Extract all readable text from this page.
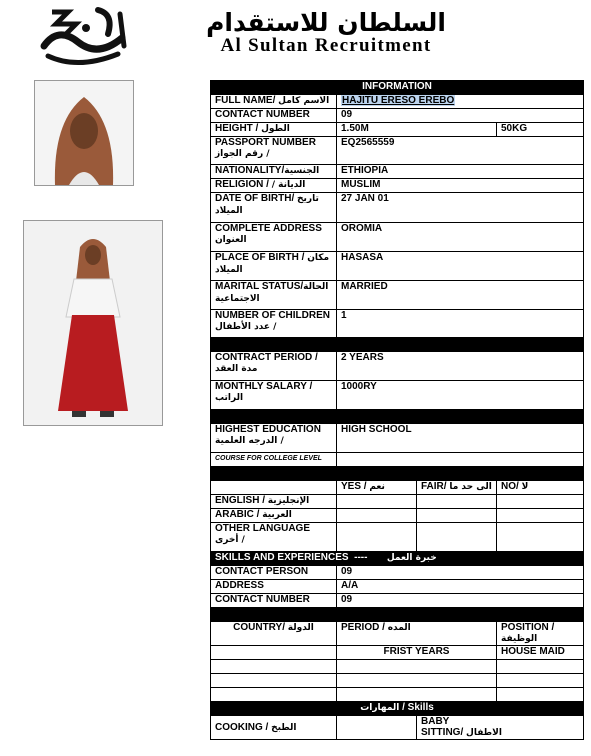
السلطان للاستقدام
Al Sultan Recruitment
INFORMATION			
FULL NAME/ الاسم كامل	HAJITU ERESO EREBO		
CONTACT NUMBER	09		
HEIGHT / الطول	1.50M		50KG
PASSPORT NUMBER
رقم الجواز /	EQ2565559		
NATIONALITY/الجنسية	ETHIOPIA		
RELIGION / / الديانة	MUSLIM		
DATE OF BIRTH/ تاريخ الميلاد	27 JAN 01		
COMPLETE ADDRESS
العنوان	OROMIA		
PLACE OF BIRTH / مكان الميلاد	HASASA		
MARITAL STATUS/الحالة الاجتماعية	MARRIED		
NUMBER OF CHILDREN
عدد الأطفال /	1		

CONTRACT PERIOD /
مدة العقد	2 YEARS		
MONTHLY SALARY /
الراتب	1000RY		

HIGHEST EDUCATION
الدرجه العلمية /	HIGH SCHOOL		
COURSE FOR COLLEGE LEVEL			

	YES / نعم	FAIR/ الى حد ما	NO/ لا
ENGLISH / الإنجليزية			
ARABIC / العربية			
OTHER LANGUAGE
أخرى /			
SKILLS AND EXPERIENCES ---- خبرة العمل			
CONTACT PERSON	09		
ADDRESS	A/A		
CONTACT NUMBER	09		

COUNTRY/ الدولة	PERIOD / المده		POSITION / الوظيفة
	FRIST YEARS		HOUSE MAID

المهارات / Skills			
COOKING / الطبخ		BABY
SITTING/ الاطفال	
